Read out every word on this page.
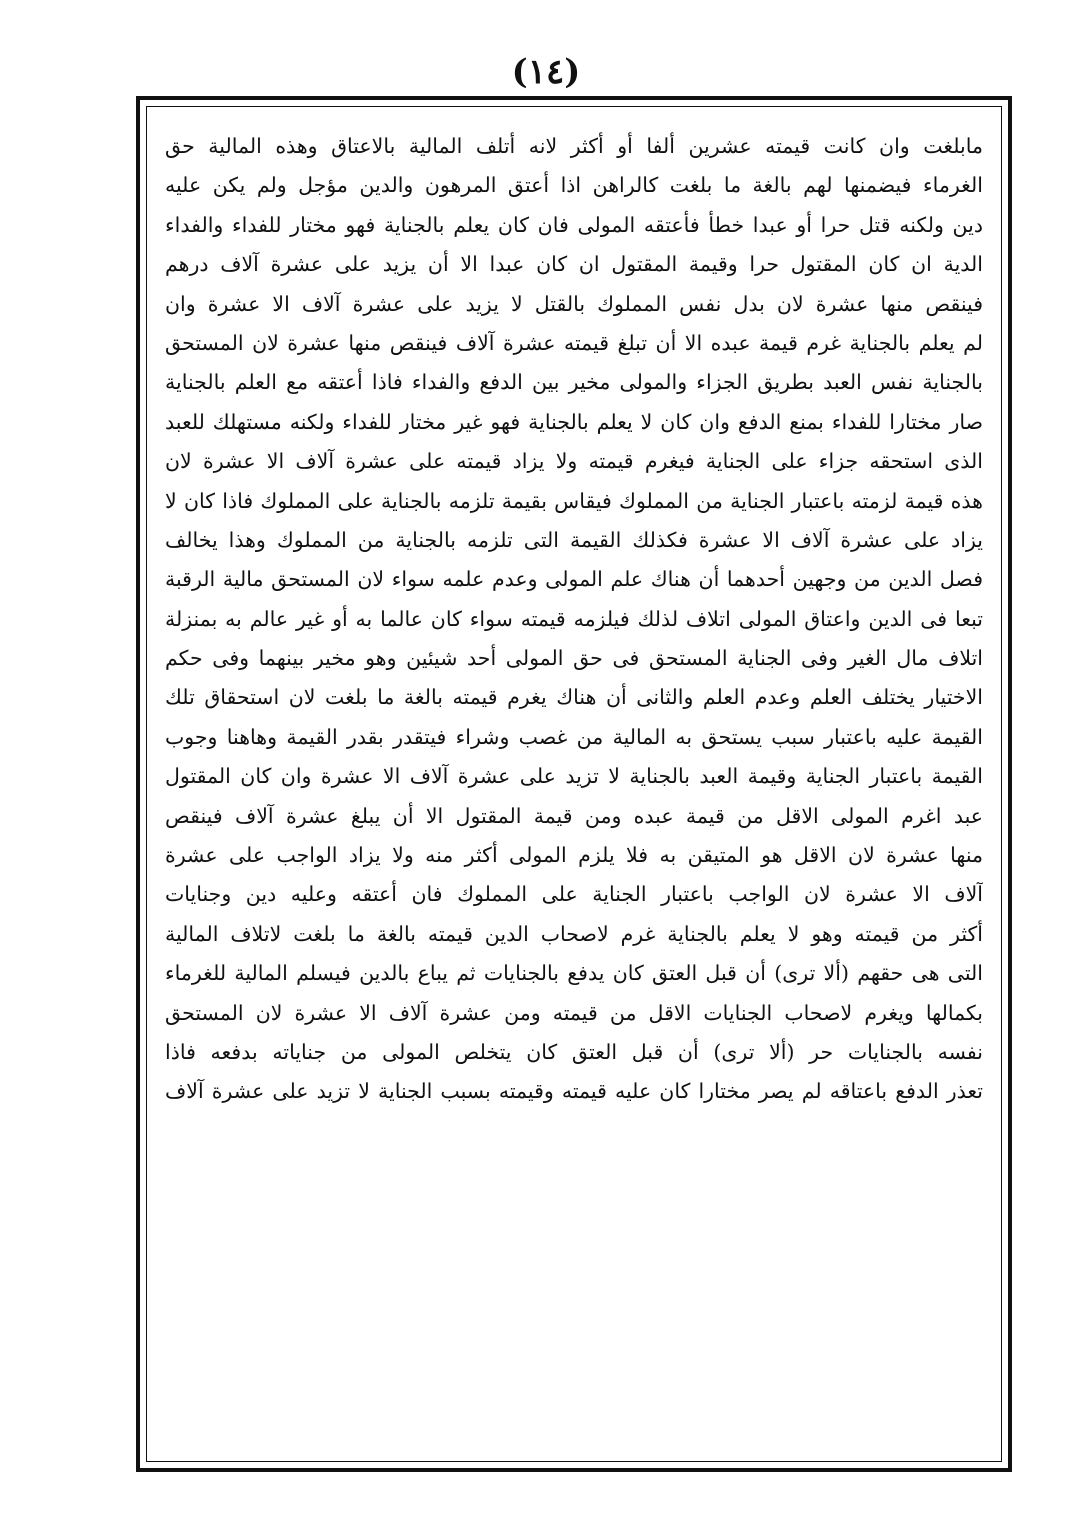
(١٤)
مابلغت وان كانت قيمته عشرين ألفا أو أكثر لانه أتلف المالية بالاعتاق وهذه المالية حق
الغرماء فيضمنها لهم بالغة ما بلغت كالراهن اذا أعتق المرهون والدين مؤجل ولم يكن عليه
دين ولكنه قتل حرا أو عبدا خطأ فأعتقه المولى فان كان يعلم بالجناية فهو مختار للفداء والفداء
الدية ان كان المقتول حرا وقيمة المقتول ان كان عبدا الا أن يزيد على عشرة آلاف درهم
فينقص منها عشرة لان بدل نفس المملوك بالقتل لا يزيد على عشرة آلاف الا عشرة وان
لم يعلم بالجناية غرم قيمة عبده الا أن تبلغ قيمته عشرة آلاف فينقص منها عشرة لان المستحق
بالجناية نفس العبد بطريق الجزاء والمولى مخير بين الدفع والفداء فاذا أعتقه مع العلم بالجناية
صار مختارا للفداء بمنع الدفع وان كان لا يعلم بالجناية فهو غير مختار للفداء ولكنه مستهلك للعبد
الذى استحقه جزاء على الجناية فيغرم قيمته ولا يزاد قيمته على عشرة آلاف الا عشرة لان
هذه قيمة لزمته باعتبار الجناية من المملوك فيقاس بقيمة تلزمه بالجناية على المملوك فاذا كان لا
يزاد على عشرة آلاف الا عشرة فكذلك القيمة التى تلزمه بالجناية من المملوك وهذا يخالف
فصل الدين من وجهين أحدهما أن هناك علم المولى وعدم علمه سواء لان المستحق مالية الرقبة
تبعا فى الدين واعتاق المولى اتلاف لذلك فيلزمه قيمته سواء كان عالما به أو غير عالم به بمنزلة
اتلاف مال الغير وفى الجناية المستحق فى حق المولى أحد شيئين وهو مخير بينهما وفى حكم
الاختيار يختلف العلم وعدم العلم والثانى أن هناك يغرم قيمته بالغة ما بلغت لان استحقاق تلك
القيمة عليه باعتبار سبب يستحق به المالية من غصب وشراء فيتقدر بقدر القيمة وهاهنا وجوب
القيمة باعتبار الجناية وقيمة العبد بالجناية لا تزيد على عشرة آلاف الا عشرة وان كان المقتول
عبد اغرم المولى الاقل من قيمة عبده ومن قيمة المقتول الا أن يبلغ عشرة آلاف فينقص
منها عشرة لان الاقل هو المتيقن به فلا يلزم المولى أكثر منه ولا يزاد الواجب على عشرة
آلاف الا عشرة لان الواجب باعتبار الجناية على المملوك فان أعتقه وعليه دين وجنايات
أكثر من قيمته وهو لا يعلم بالجناية غرم لاصحاب الدين قيمته بالغة ما بلغت لاتلاف المالية
التى هى حقهم (ألا ترى) أن قبل العتق كان يدفع بالجنايات ثم يباع بالدين فيسلم المالية للغرماء
بكمالها ويغرم لاصحاب الجنايات الاقل من قيمته ومن عشرة آلاف الا عشرة لان المستحق
نفسه بالجنايات حر (ألا ترى) أن قبل العتق كان يتخلص المولى من جناياته بدفعه فاذا
تعذر الدفع باعتاقه لم يصر مختارا كان عليه قيمته وقيمته بسبب الجناية لا تزيد على عشرة آلاف
